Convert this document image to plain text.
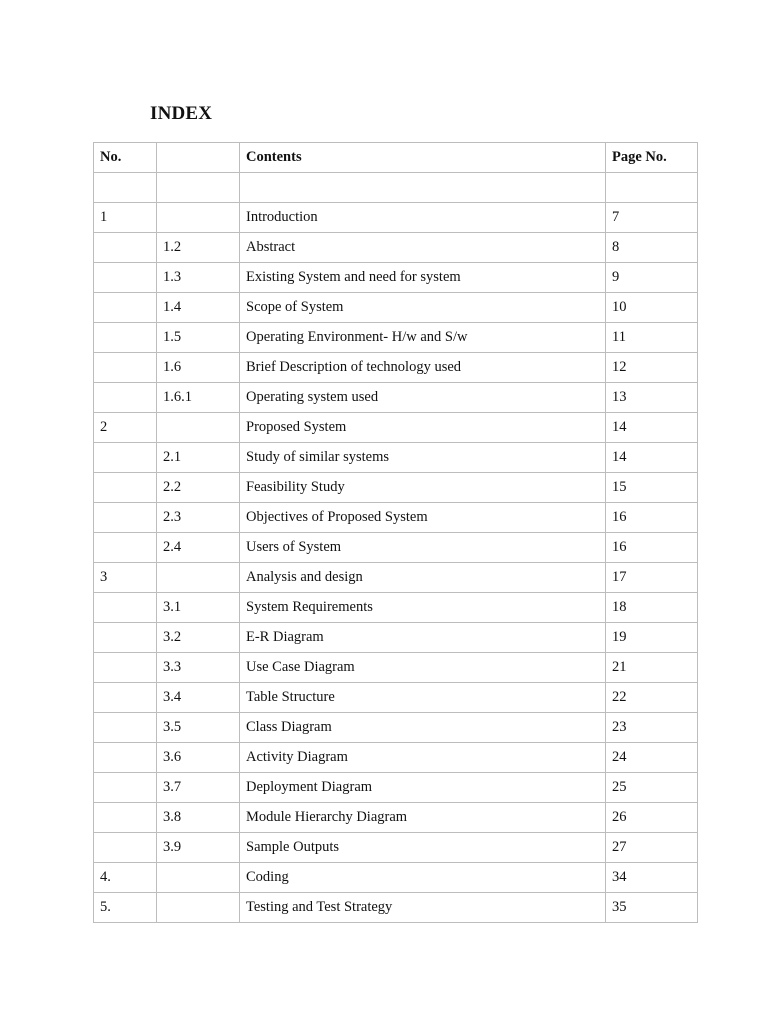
INDEX
No.		Contents	Page No.

1		Introduction	7
	1.2	Abstract	8
	1.3	Existing System and need for system	9
	1.4	Scope of System	10
	1.5	Operating Environment- H/w and S/w	11
	1.6	Brief Description of technology used	12
	1.6.1	Operating system used	13
2		Proposed System	14
	2.1	Study of similar systems	14
	2.2	Feasibility Study	15
	2.3	Objectives of Proposed System	16
	2.4	Users of System	16
3		Analysis and design	17
	3.1	System Requirements	18
	3.2	E-R Diagram	19
	3.3	Use Case Diagram	21
	3.4	Table Structure	22
	3.5	Class Diagram	23
	3.6	Activity Diagram	24
	3.7	Deployment Diagram	25
	3.8	Module Hierarchy Diagram	26
	3.9	Sample Outputs	27
4.		Coding	34
5.		Testing and Test Strategy	35
